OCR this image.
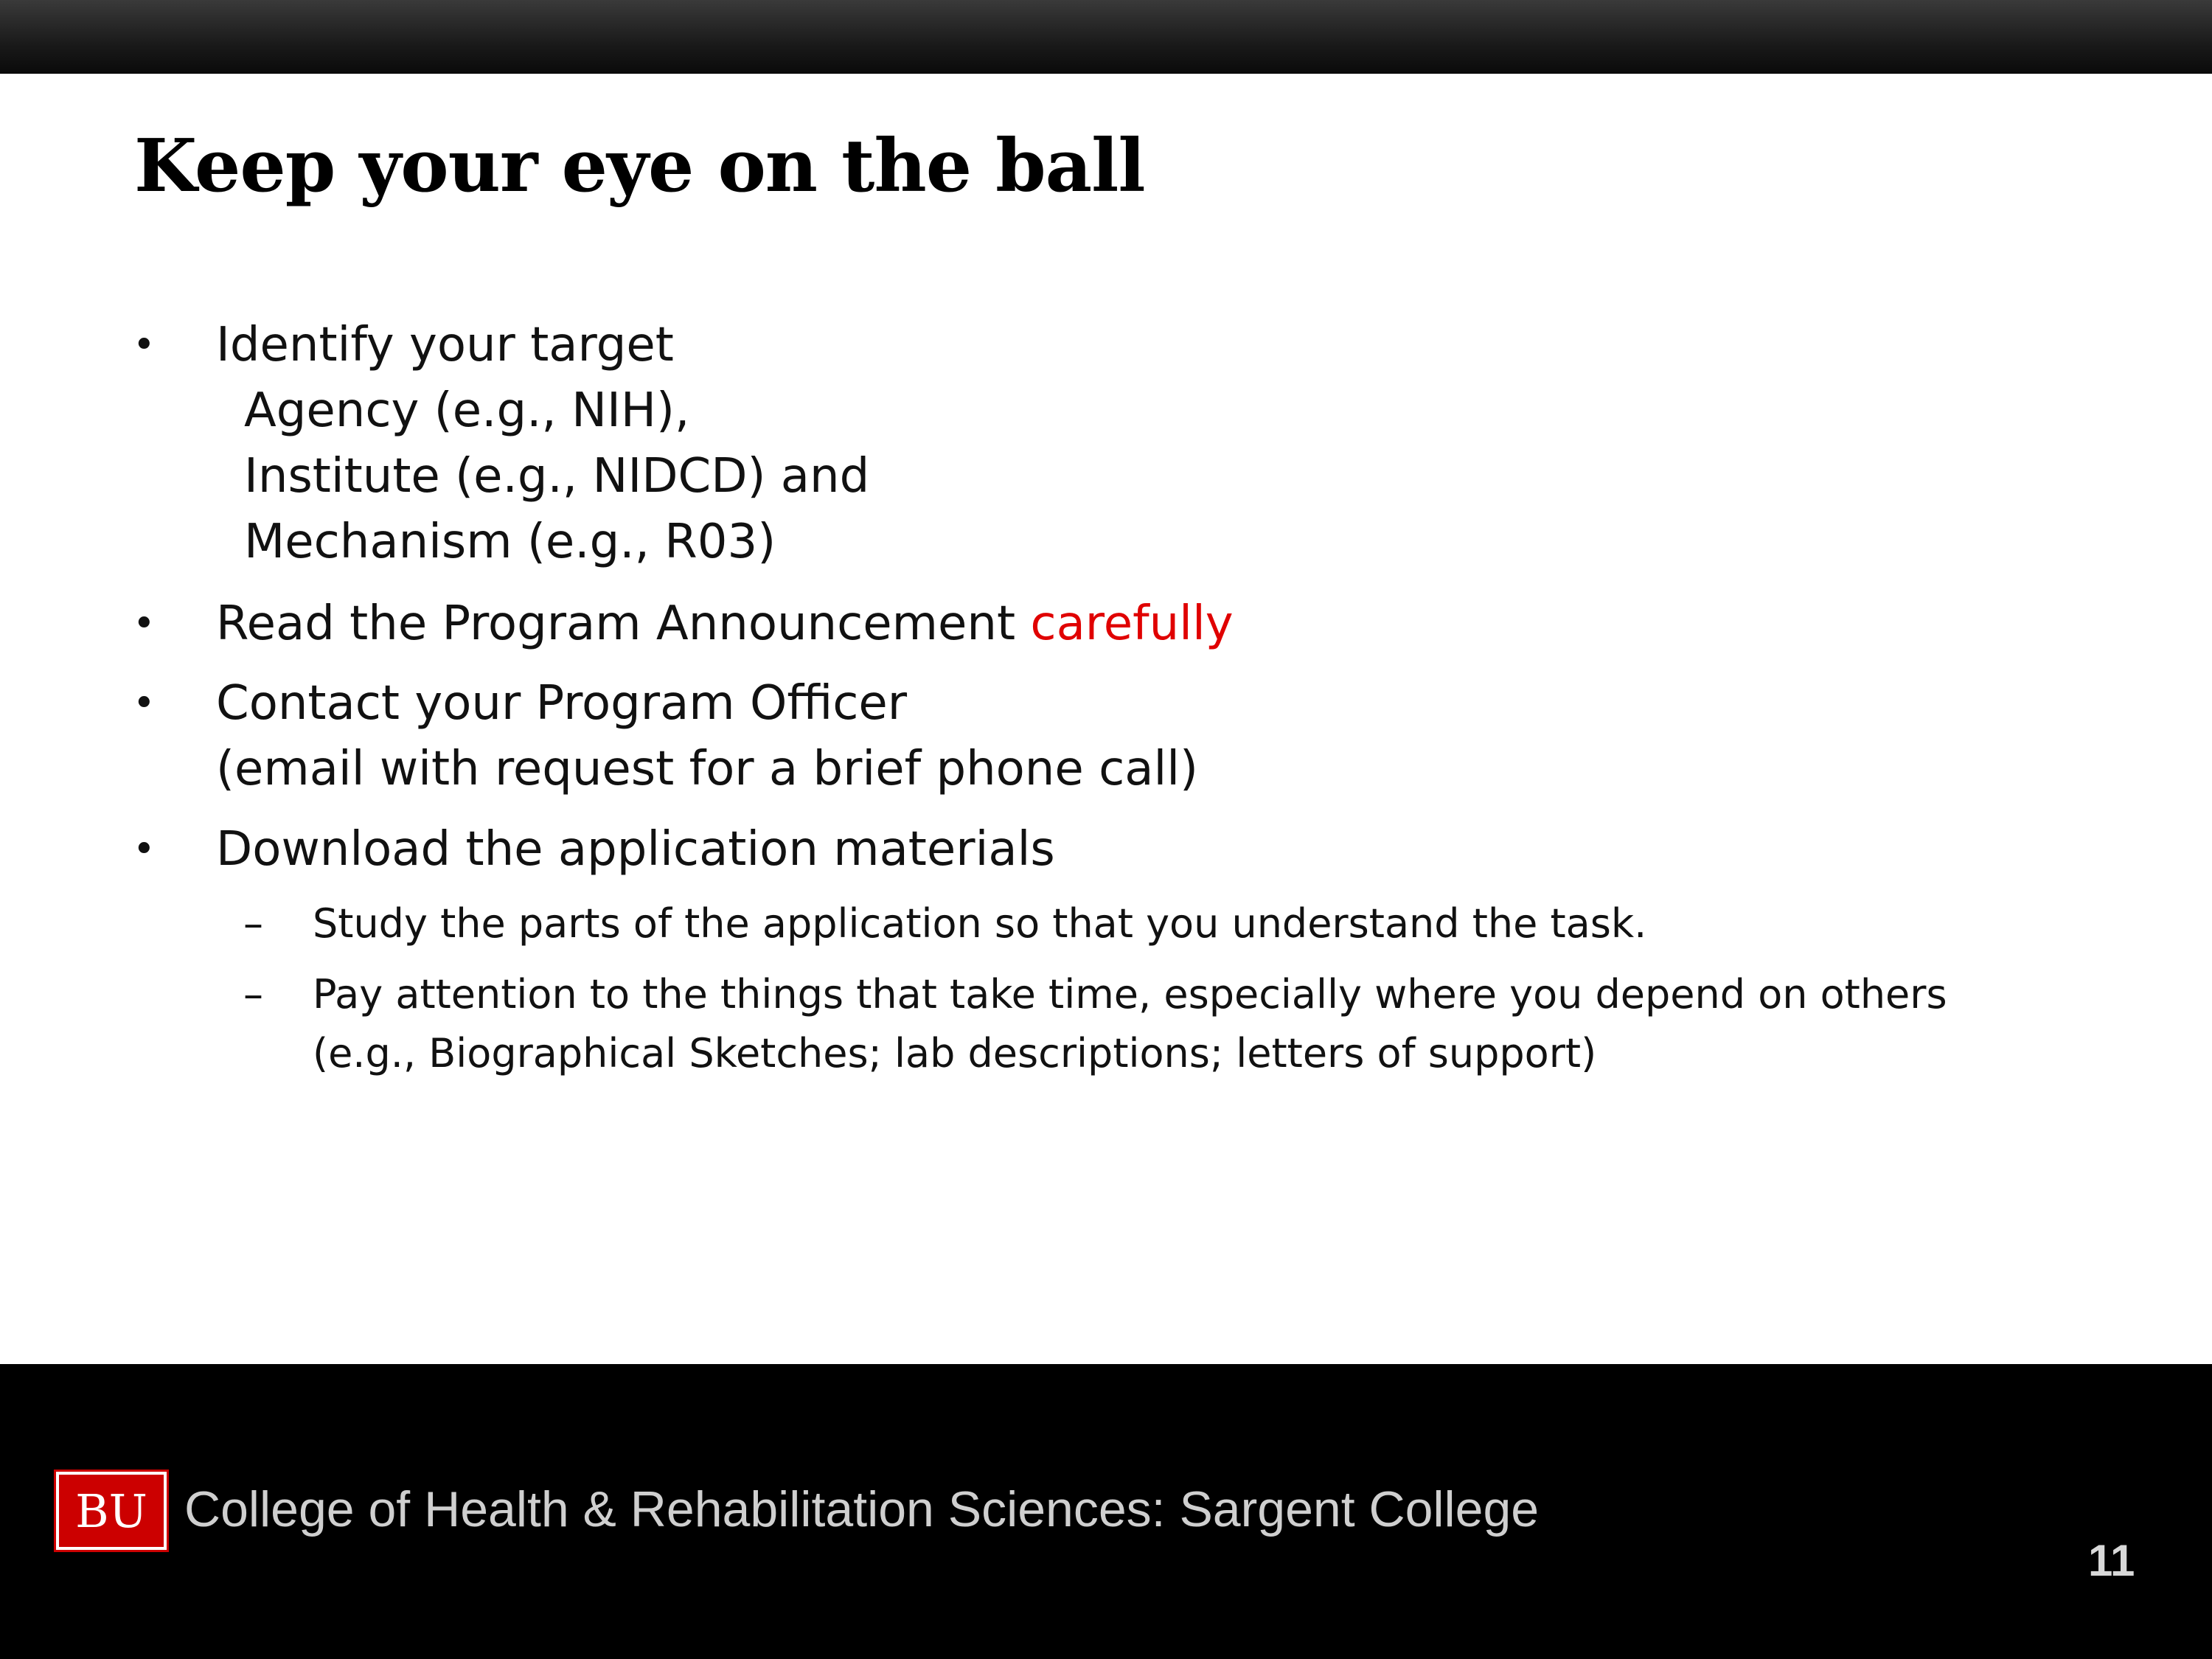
Keep your eye on the ball
• Identify your target
Agency (e.g., NIH),
Institute (e.g., NIDCD) and
Mechanism (e.g., R03)
• Read the Program Announcement carefully
• Contact your Program Officer
(email with request for a brief phone call)
• Download the application materials
– Study the parts of the application so that you understand the task.
– Pay attention to the things that take time, especially where you depend on others
(e.g., Biographical Sketches; lab descriptions; letters of support)
BU College of Health & Rehabilitation Sciences: Sargent College
11
